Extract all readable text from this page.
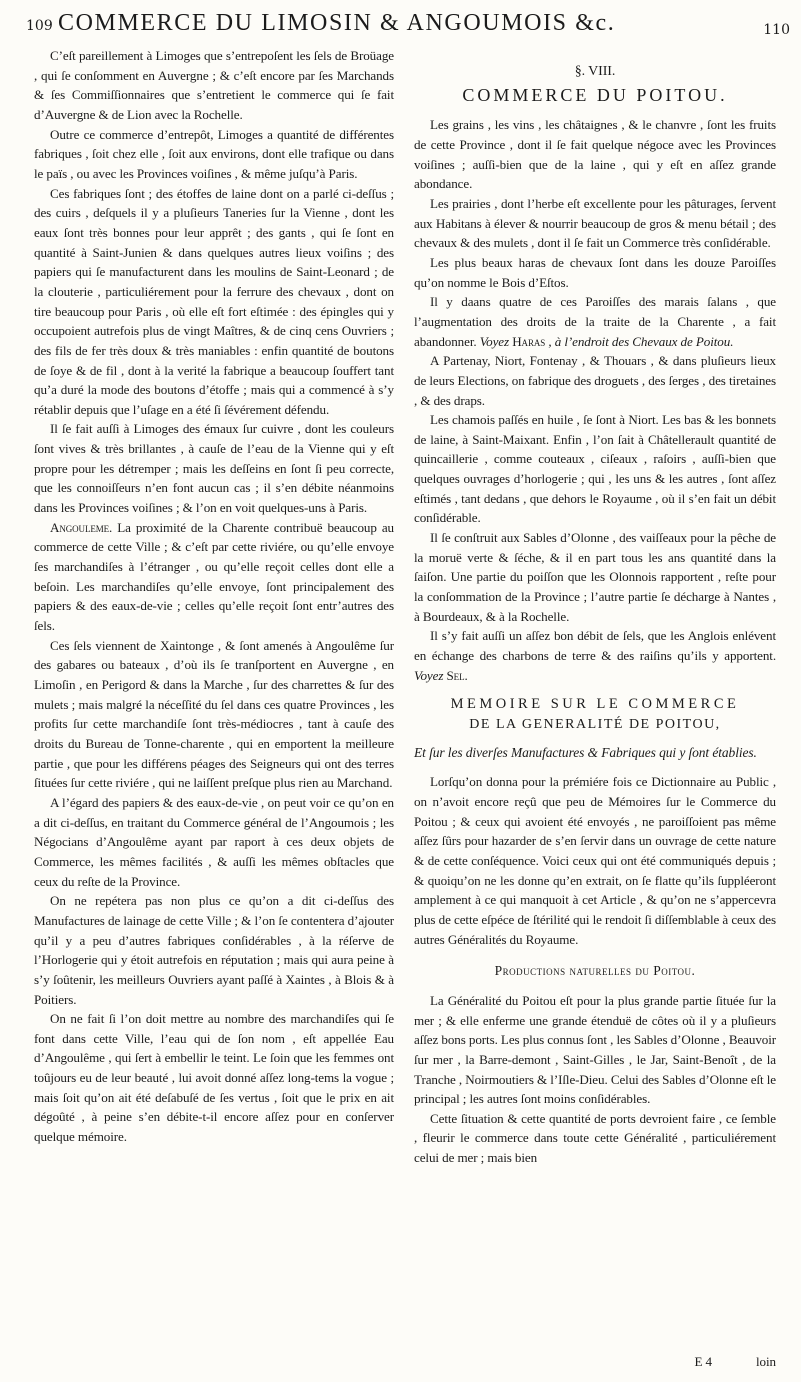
109 COMMERCE DU LIMOSIN & ANGOUMOIS &c.	110

C’eſt pareillement à Limoges que s’entrepoſent les ſels de Broüage , qui ſe conſomment en Auvergne ; & c’eſt encore par ſes Marchands & ſes Commiſſionnaires que s’entretient le commerce qui ſe fait d’Auvergne & de Lion avec la Rochelle.

Outre ce commerce d’entrepôt, Limoges a quantité de différentes fabriques , ſoit chez elle , ſoit aux environs, dont elle trafique ou dans le païs , ou avec les Provinces voiſines , & même juſqu’à Paris.

Ces fabriques ſont ; des étoffes de laine dont on a parlé ci-deſſus ; des cuirs , deſquels il y a pluſieurs Taneries ſur la Vienne , dont les eaux ſont très bonnes pour leur apprêt ; des gants , qui ſe ſont en quantité à Saint-Junien & dans quelques autres lieux voiſins ; des papiers qui ſe manufacturent dans les moulins de Saint-Leonard ; de la clouterie , particuliérement pour la ferrure des chevaux , dont on tire beaucoup pour Paris , où elle eſt fort eſtimée : des épingles qui y occupoient autrefois plus de vingt Maîtres, & de cinq cens Ouvriers ; des fils de fer très doux & très maniables : enfin quantité de boutons de ſoye & de fil , dont à la verité la fabrique a beaucoup ſouffert tant qu’a duré la mode des boutons d’étoffe ; mais qui a commencé à s’y rétablir depuis que l’uſage en a été ſi ſévérement défendu.

Il ſe fait auſſi à Limoges des émaux ſur cuivre , dont les couleurs ſont vives & très brillantes , à cauſe de l’eau de la Vienne qui y eſt propre pour les détremper ; mais les deſſeins en ſont ſi peu correcte, que les connoiſſeurs n’en font aucun cas ; il s’en débite néanmoins dans les Provinces voiſines ; & l’on en voit quelques-uns à Paris.

Angouleme. La proximité de la Charente contribuë beaucoup au commerce de cette Ville ; & c’eſt par cette riviére, ou qu’elle envoye ſes marchandiſes à l’étranger , ou qu’elle reçoit celles dont elle a beſoin. Les marchandiſes qu’elle envoye, ſont principalement des papiers & des eaux-de-vie ; celles qu’elle reçoit ſont entr’autres des ſels.

Ces ſels viennent de Xaintonge , & ſont amenés à Angoulême ſur des gabares ou bateaux , d’où ils ſe tranſportent en Auvergne , en Limoſin , en Perigord & dans la Marche , ſur des charrettes & ſur des mulets ; mais malgré la néceſſité du ſel dans ces quatre Provinces , les profits ſur cette marchandiſe ſont très-médiocres , tant à cauſe des droits du Bureau de Tonne-charente , qui en emportent la meilleure partie , que pour les différens péages des Seigneurs qui ont des terres ſituées ſur cette riviére , qui ne laiſſent preſque plus rien au Marchand.

A l’égard des papiers & des eaux-de-vie , on peut voir ce qu’on en a dit ci-deſſus, en traitant du Commerce général de l’Angoumois ; les Négocians d’Angoulême ayant par raport à ces deux objets de Commerce, les mêmes facilités , & auſſi les mêmes obſtacles que ceux du reſte de la Province.

On ne repétera pas non plus ce qu’on a dit ci-deſſus des Manufactures de lainage de cette Ville ; & l’on ſe contentera d’ajouter qu’il y a peu d’autres fabriques conſidérables , à la réſerve de l’Horlogerie qui y étoit autrefois en réputation ; mais qui aura peine à s’y ſoûtenir, les meilleurs Ouvriers ayant paſſé à Xaintes , à Blois & à Poitiers.

On ne fait ſi l’on doit mettre au nombre des marchandiſes qui ſe font dans cette Ville, l’eau qui de ſon nom , eſt appellée Eau d’Angoulême , qui ſert à embellir le teint. Le ſoin que les femmes ont toûjours eu de leur beauté , lui avoit donné aſſez long-tems la vogue ; mais ſoit qu’on ait été deſabuſé de ſes vertus , ſoit que le prix en ait dégoûté , à peine s’en débite-t-il encore aſſez pour en conſerver quelque mémoire.

§. VIII.

COMMERCE DU POITOU.

Les grains , les vins , les châtaignes , & le chanvre , ſont les fruits de cette Province , dont il ſe fait quelque négoce avec les Provinces voiſines ; auſſi-bien que de la laine , qui y eſt en aſſez grande abondance.

Les prairies , dont l’herbe eſt excellente pour les pâturages, ſervent aux Habitans à élever & nourrir beaucoup de gros & menu bétail ; des chevaux & des mulets , dont il ſe fait un Commerce très conſidérable.

Les plus beaux haras de chevaux ſont dans les douze Paroiſſes qu’on nomme le Bois d’Eſtos.

Il y daans quatre de ces Paroiſſes des marais ſalans , que l’augmentation des droits de la traite de la Charente , a fait abandonner. Voyez Haras , à l’endroit des Chevaux de Poitou.

A Partenay, Niort, Fontenay , & Thouars , & dans pluſieurs lieux de leurs Elections, on fabrique des droguets , des ſerges , des tiretaines , & des draps.

Les chamois paſſés en huile , ſe ſont à Niort. Les bas & les bonnets de laine, à Saint-Maixant. Enfin , l’on ſait à Châtellerault quantité de quincaillerie , comme couteaux , ciſeaux , raſoirs , auſſi-bien que quelques ouvrages d’horlogerie ; qui , les uns & les autres , ſont aſſez eſtimés , tant dedans , que dehors le Royaume , où il s’en fait un débit conſidérable.

Il ſe conſtruit aux Sables d’Olonne , des vaiſſeaux pour la pêche de la moruë verte & ſéche, & il en part tous les ans quantité dans la ſaiſon. Une partie du poiſſon que les Olonnois rapportent , reſte pour la conſommation de la Province ; l’autre partie ſe décharge à Nantes , à Bourdeaux, & à la Rochelle.

Il s’y fait auſſi un aſſez bon débit de ſels, que les Anglois enlévent en échange des charbons de terre & des raiſins qu’ils y apportent. Voyez Sel.

MEMOIRE SUR LE COMMERCE

DE LA GENERALITÉ DE POITOU,

Et ſur les diverſes Manufactures & Fabriques qui y ſont établies.

Lorſqu’on donna pour la prémiére fois ce Dictionnaire au Public , on n’avoit encore reçû que peu de Mémoires ſur le Commerce du Poitou ; & ceux qui avoient été envoyés , ne paroiſſoient pas même aſſez ſûrs pour hazarder de s’en ſervir dans un ouvrage de cette nature & de cette conſéquence. Voici ceux qui ont été communiqués depuis ; & quoiqu’on ne les donne qu’en extrait, on ſe flatte qu’ils ſuppléeront amplement à ce qui manquoit à cet Article , & qu’on ne s’appercevra plus de cette eſpéce de ſtérilité qui le rendoit ſi diſſemblable à ceux des autres Généralités du Royaume.

Productions naturelles du Poitou.

La Généralité du Poitou eſt pour la plus grande partie ſituée ſur la mer ; & elle enferme une grande étenduë de côtes où il y a pluſieurs aſſez bons ports. Les plus connus ſont , les Sables d’Olonne , Beauvoir ſur mer , la Barre-demont , Saint-Gilles , le Jar, Saint-Benoît , de la Tranche , Noirmoutiers & l’Iſle-Dieu. Celui des Sables d’Olonne eſt le principal ; les autres ſont moins conſidérables.

Cette ſituation & cette quantité de ports devroient faire , ce ſemble , fleurir le commerce dans toute cette Généralité , particuliérement celui de mer ; mais bien

E 4	loin
